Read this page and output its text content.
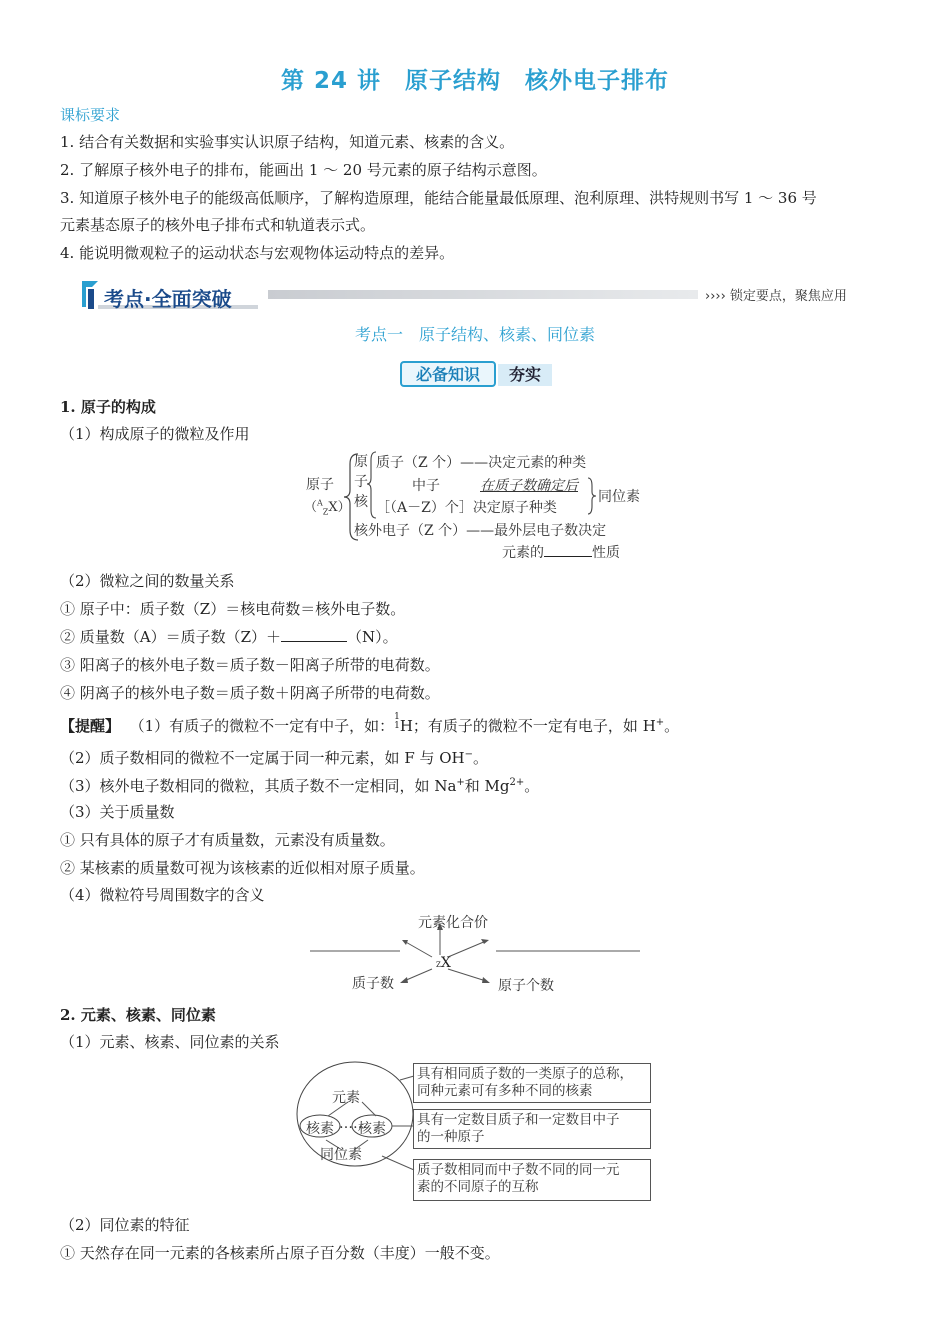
第 24 讲　原子结构　核外电子排布
课标要求
1. 结合有关数据和实验事实认识原子结构，知道元素、核素的含义。
2. 了解原子核外电子的排布，能画出 1 ～ 20 号元素的原子结构示意图。
3. 知道原子核外电子的能级高低顺序，了解构造原理，能结合能量最低原理、泡利原理、洪特规则书写 1 ～ 36 号
元素基态原子的核外电子排布式和轨道表示式。
4. 能说明微观粒子的运动状态与宏观物体运动特点的差异。
考点·全面突破	›››› 锁定要点，聚焦应用
考点一　原子结构、核素、同位素
必备知识	夯实
1. 原子的构成
（1）构成原子的微粒及作用
原子
（$^A_Z$X）
原
子
核
质子（Z 个）——决定元素的种类
中子	在质子数确定后
［（A－Z）个］决定原子种类
同位素
核外电子（Z 个）——最外层电子数决定
元素的	性质
（2）微粒之间的数量关系
① 原子中：质子数（Z）＝核电荷数＝核外电子数。
② 质量数（A）＝质子数（Z）＋	（N）。
③ 阳离子的核外电子数＝质子数－阳离子所带的电荷数。
④ 阴离子的核外电子数＝质子数＋阴离子所带的电荷数。
【提醒】 （1）有质子的微粒不一定有中子，如：1
1H；有质子的微粒不一定有电子，如 H+。
（2）质子数相同的微粒不一定属于同一种元素，如 F 与 OH−。
（3）核外电子数相同的微粒，其质子数不一定相同，如 Na+和 $Mg^{2+}$。
（3）关于质量数
① 只有具体的原子才有质量数，元素没有质量数。
② 某核素的质量数可视为该核素的近似相对原子质量。
（4）微粒符号周围数字的含义
元素化合价
质子数	原子个数
ZX
2. 元素、核素、同位素
（1）元素、核素、同位素的关系
元素
核素 ……
核素
同位素
具有相同质子数的一类原子的总称，
同种元素可有多种不同的核素
具有一定数目质子和一定数目中子
的一种原子
质子数相同而中子数不同的同一元
素的不同原子的互称
（2）同位素的特征
① 天然存在同一元素的各核素所占原子百分数（丰度）一般不变。
